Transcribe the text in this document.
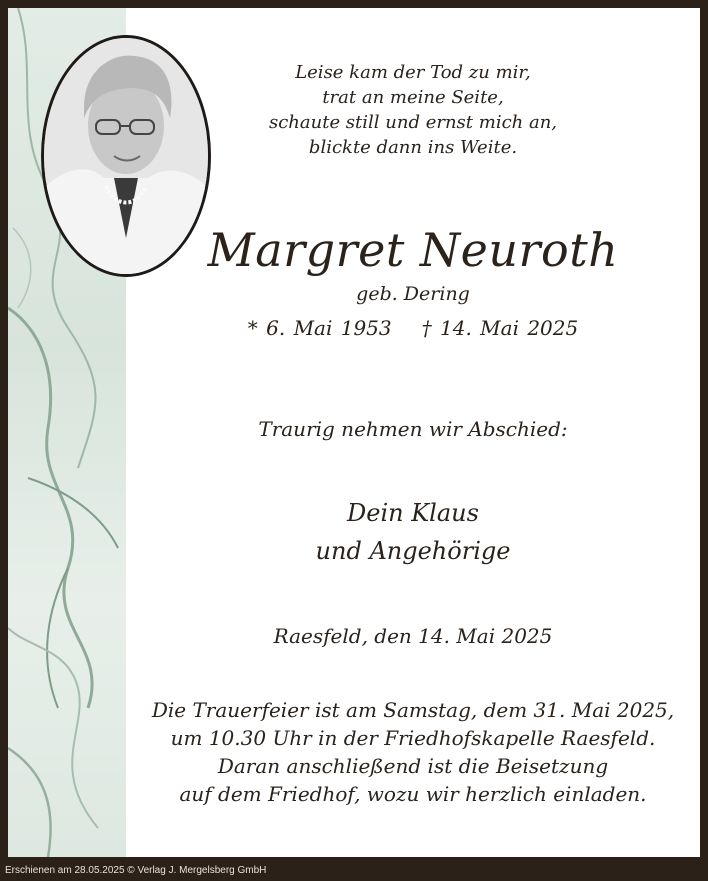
Leise kam der Tod zu mir,
trat an meine Seite,
schaute still und ernst mich an,
blickte dann ins Weite.
Margret Neuroth
geb. Dering
* 6. Mai 1953 † 14. Mai 2025
Traurig nehmen wir Abschied:
Dein Klaus
und Angehörige
Raesfeld, den 14. Mai 2025
Die Trauerfeier ist am Samstag, dem 31. Mai 2025,
um 10.30 Uhr in der Friedhofskapelle Raesfeld.
Daran anschließend ist die Beisetzung
auf dem Friedhof, wozu wir herzlich einladen.
Erschienen am 28.05.2025 © Verlag J. Mergelsberg GmbH
